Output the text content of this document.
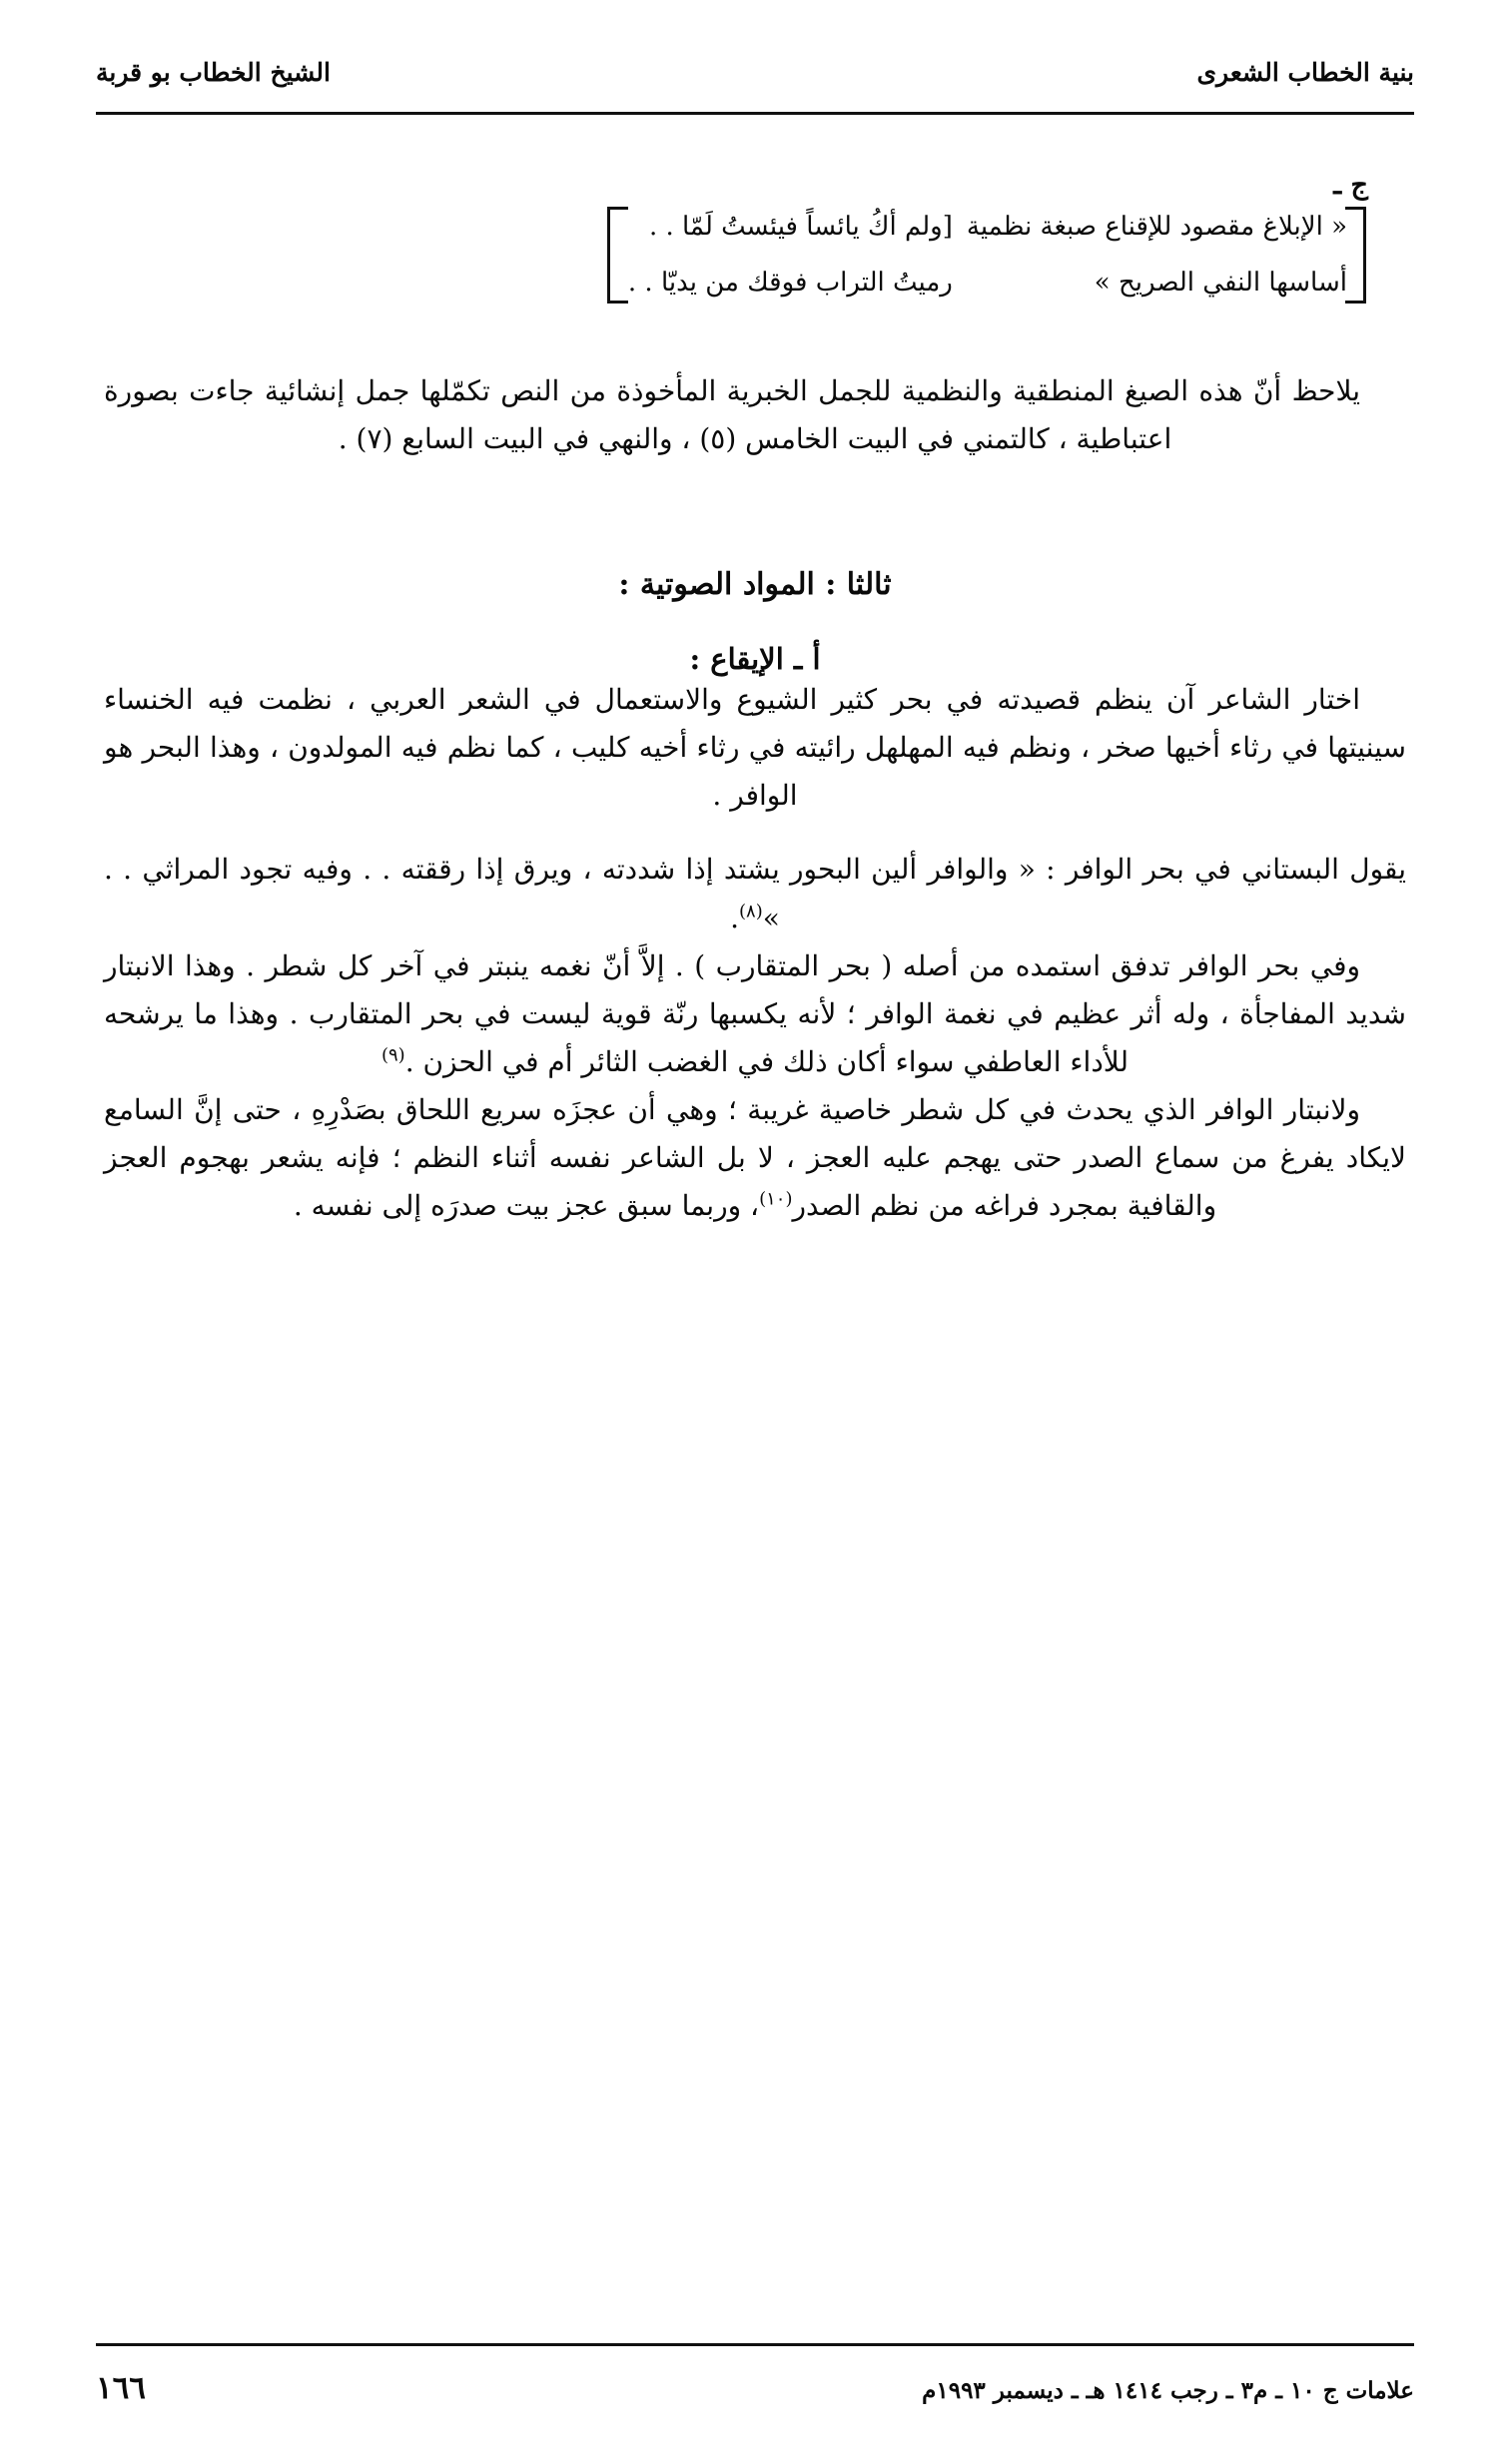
بنية الخطاب الشعرى
الشيخ الخطاب بو قربة
ج ـ
« الإبلاغ مقصود للإقناع صبغة نظمية
أساسها النفي الصريح »
[ولم أكُ يائساً فيئستُ لَمّا . .
رميتُ التراب فوقك من يديّا . .

يلاحظ أنّ هذه الصيغ المنطقية والنظمية للجمل الخبرية المأخوذة من النص تكمّلها جمل إنشائية جاءت بصورة اعتباطية ، كالتمني في البيت الخامس (٥) ، والنهي في البيت السابع (٧) .

ثالثا : المواد الصوتية :
أ ـ الإيقاع :

اختار الشاعر آن ينظم قصيدته في بحر كثير الشيوع والاستعمال في الشعر العربي ، نظمت فيه الخنساء سينيتها في رثاء أخيها صخر ، ونظم فيه المهلهل رائيته في رثاء أخيه كليب ، كما نظم فيه المولدون ، وهذا البحر هو الوافر .

يقول البستاني في بحر الوافر : « والوافر ألين البحور يشتد إذا شددته ، ويرق إذا رققته . . وفيه تجود المراثي . . »$^{(٨)}$.

وفي بحر الوافر تدفق استمده من أصله ( بحر المتقارب ) . إلاَّ أنّ نغمه ينبتر في آخر كل شطر . وهذا الانبتار شديد المفاجأة ، وله أثر عظيم في نغمة الوافر ؛ لأنه يكسبها رنّة قوية ليست في بحر المتقارب . وهذا ما يرشحه للأداء العاطفي سواء أكان ذلك في الغضب الثائر أم في الحزن .$^{(٩)}$

ولانبتار الوافر الذي يحدث في كل شطر خاصية غريبة ؛ وهي أن عجزَه سريع اللحاق بصَدْرِهِ ، حتى إنَّ السامع لايكاد يفرغ من سماع الصدر حتى يهجم عليه العجز ، لا بل الشاعر نفسه أثناء النظم ؛ فإنه يشعر بهجوم العجز والقافية بمجرد فراغه من نظم الصدر$^{(١٠)}$، وربما سبق عجز بيت صدرَه إلى نفسه .

علامات ج ١٠ ـ م٣ ـ رجب ١٤١٤ هـ ـ ديسمبر ١٩٩٣م
١٦٦
